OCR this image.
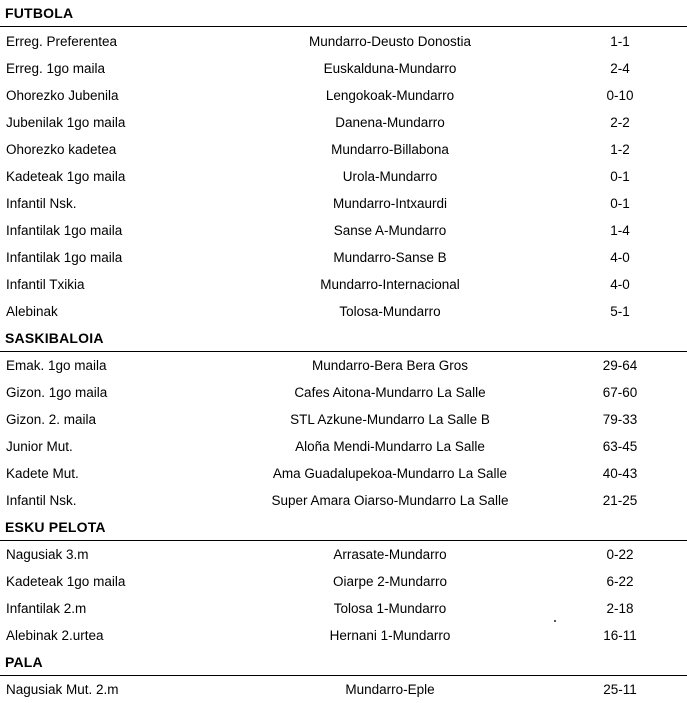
FUTBOLA
Erreg. Preferentea	Mundarro-Deusto Donostia	1-1
Erreg. 1go maila	Euskalduna-Mundarro	2-4
Ohorezko Jubenila	Lengokoak-Mundarro	0-10
Jubenilak 1go maila	Danena-Mundarro	2-2
Ohorezko kadetea	Mundarro-Billabona	1-2
Kadeteak 1go maila	Urola-Mundarro	0-1
Infantil Nsk.	Mundarro-Intxaurdi	0-1
Infantilak 1go maila	Sanse A-Mundarro	1-4
Infantilak 1go maila	Mundarro-Sanse B	4-0
Infantil Txikia	Mundarro-Internacional	4-0
Alebinak	Tolosa-Mundarro	5-1
SASKIBALOIA
Emak. 1go maila	Mundarro-Bera Bera Gros	29-64
Gizon. 1go maila	Cafes Aitona-Mundarro La Salle	67-60
Gizon. 2. maila	STL Azkune-Mundarro La Salle B	79-33
Junior Mut.	Aloña Mendi-Mundarro La Salle	63-45
Kadete Mut.	Ama Guadalupekoa-Mundarro La Salle	40-43
Infantil Nsk.	Super Amara Oiarso-Mundarro La Salle	21-25
ESKU PELOTA
Nagusiak 3.m	Arrasate-Mundarro	0-22
Kadeteak 1go maila	Oiarpe 2-Mundarro	6-22
Infantilak 2.m	Tolosa 1-Mundarro	2-18
Alebinak 2.urtea	Hernani 1-Mundarro	16-11
PALA
Nagusiak Mut. 2.m	Mundarro-Eple	25-11
